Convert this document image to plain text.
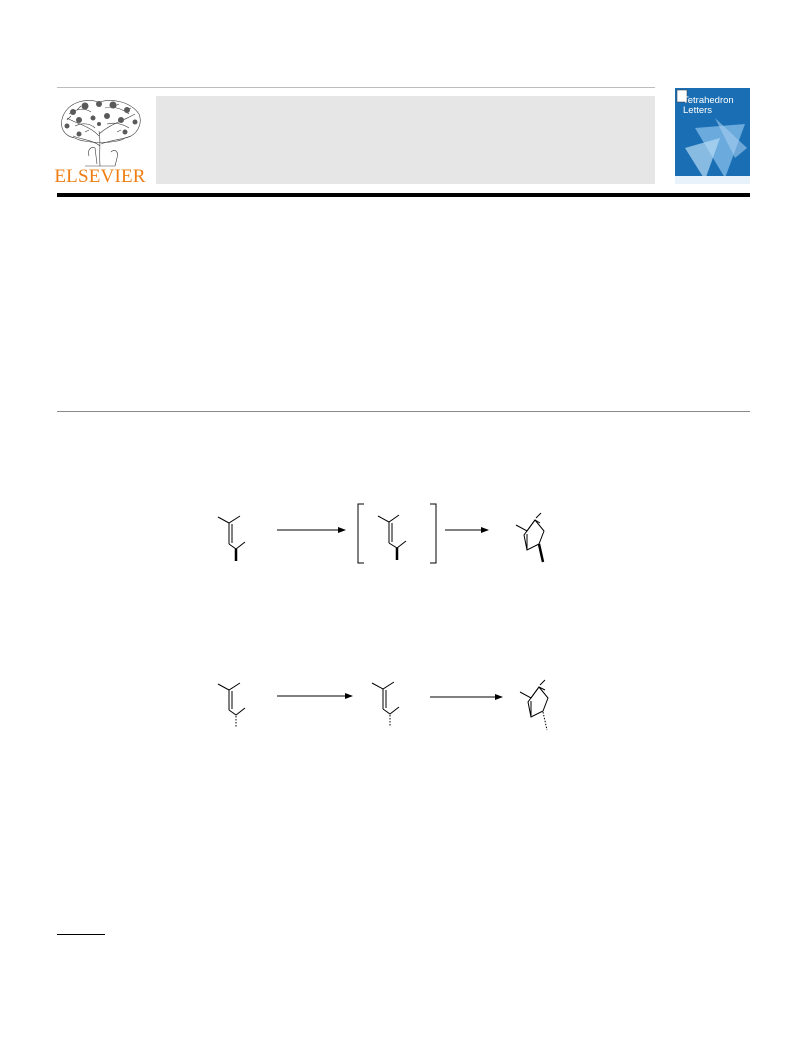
ELSEVIER
Tetrahedron
Letters
